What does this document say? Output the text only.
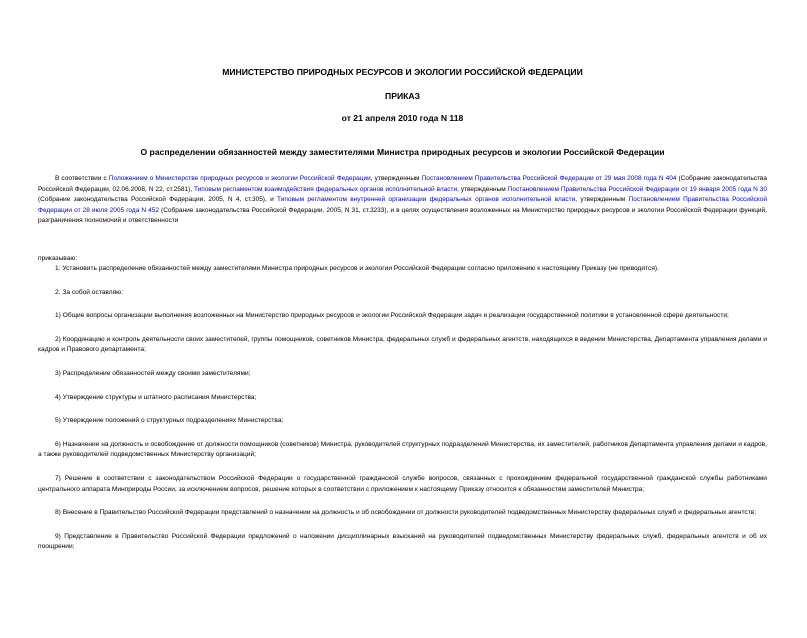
МИНИСТЕРСТВО ПРИРОДНЫХ РЕСУРСОВ И ЭКОЛОГИИ РОССИЙСКОЙ ФЕДЕРАЦИИ
ПРИКАЗ
от 21 апреля 2010 года N 118
О распределении обязанностей между заместителями Министра природных ресурсов и экологии Российской Федерации

В соответствии с Положением о Министерстве природных ресурсов и экологии Российской Федерации, утвержденным Постановлением Правительства Российской Федерации от 29 мая 2008 года N 404 (Собрание законодательства Российской Федерации, 02.06.2008, N 22, ст.2581), Типовым регламентом взаимодействия федеральных органов исполнительной власти, утвержденным Постановлением Правительства Российской Федерации от 19 января 2005 года N 30 (Собрание законодательства Российской Федерации, 2005, N 4, ст.305), и Типовым регламентом внутренней организации федеральных органов исполнительной власти, утвержденным Постановлением Правительства Российской Федерации от 28 июля 2005 года N 452 (Собрание законодательства Российской Федерации, 2005, N 31, ст.3233), и в целях осуществления возложенных на Министерство природных ресурсов и экологии Российской Федерации функций, разграничения полномочий и ответственности

приказываю:

1. Установить распределение обязанностей между заместителями Министра природных ресурсов и экологии Российской Федерации согласно приложению к настоящему Приказу (не приводится).

2. За собой оставляю:

1) Общие вопросы организации выполнения возложенных на Министерство природных ресурсов и экологии Российской Федерации задач и реализации государственной политики в установленной сфере деятельности;

2) Координацию и контроль деятельности своих заместителей, группы помощников, советников Министра, федеральных служб и федеральных агентств, находящихся в ведении Министерства, Департамента управления делами и кадров и Правового департамента;

3) Распределение обязанностей между своими заместителями;

4) Утверждение структуры и штатного расписания Министерства;

5) Утверждение положений о структурных подразделениях Министерства;

6) Назначение на должность и освобождение от должности помощников (советников) Министра, руководителей структурных подразделений Министерства, их заместителей, работников Департамента управления делами и кадров, а также руководителей подведомственных Министерству организаций;

7) Решение в соответствии с законодательством Российской Федерации о государственной гражданской службе вопросов, связанных с прохождением федеральной государственной гражданской службы работниками центрального аппарата Минприроды России, за исключением вопросов, решение которых в соответствии с приложением к настоящему Приказу относится к обязанностям заместителей Министра;

8) Внесение в Правительство Российской Федерации представлений о назначении на должность и об освобождении от должности руководителей подведомственных Министерству федеральных служб и федеральных агентств;

9) Представление в Правительство Российской Федерации предложений о наложении дисциплинарных взысканий на руководителей подведомственных Министерству федеральных служб, федеральных агентств и об их поощрении;
